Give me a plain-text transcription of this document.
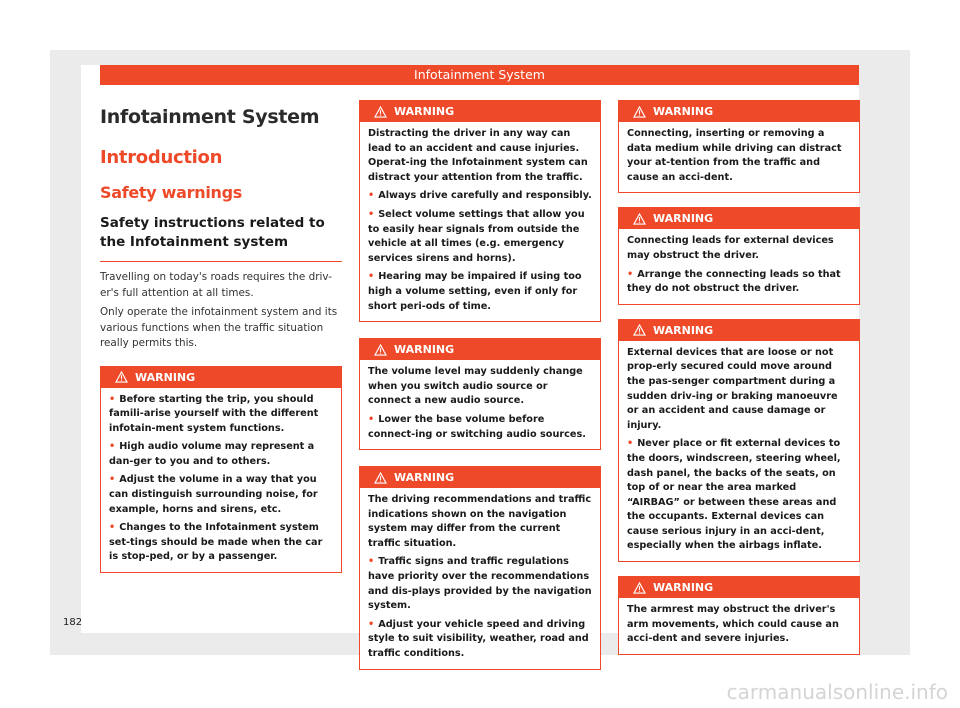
Infotainment System
Infotainment System
Introduction
Safety warnings
Safety instructions related to the Infotainment system

Travelling on today's roads requires the driv-er's full attention at all times.

Only operate the infotainment system and its various functions when the traffic situation really permits this.

WARNING
• Before starting the trip, you should famili-arise yourself with the different infotain-ment system functions.
• High audio volume may represent a dan-ger to you and to others.
• Adjust the volume in a way that you can distinguish surrounding noise, for example, horns and sirens, etc.
• Changes to the Infotainment system set-tings should be made when the car is stop-ped, or by a passenger.
WARNING
Distracting the driver in any way can lead to an accident and cause injuries. Operat-ing the Infotainment system can distract your attention from the traffic.
• Always drive carefully and responsibly.
• Select volume settings that allow you to easily hear signals from outside the vehicle at all times (e.g. emergency services sirens and horns).
• Hearing may be impaired if using too high a volume setting, even if only for short peri-ods of time.
WARNING
The volume level may suddenly change when you switch audio source or connect a new audio source.
• Lower the base volume before connect-ing or switching audio sources.
WARNING
The driving recommendations and traffic indications shown on the navigation system may differ from the current traffic situation.
• Traffic signs and traffic regulations have priority over the recommendations and dis-plays provided by the navigation system.
• Adjust your vehicle speed and driving style to suit visibility, weather, road and traffic conditions.
WARNING
Connecting, inserting or removing a data medium while driving can distract your at-tention from the traffic and cause an acci-dent.
WARNING
Connecting leads for external devices may obstruct the driver.
• Arrange the connecting leads so that they do not obstruct the driver.
WARNING
External devices that are loose or not prop-erly secured could move around the pas-senger compartment during a sudden driv-ing or braking manoeuvre or an accident and cause damage or injury.
• Never place or fit external devices to the doors, windscreen, steering wheel, dash panel, the backs of the seats, on top of or near the area marked “AIRBAG” or between these areas and the occupants. External devices can cause serious injury in an acci-dent, especially when the airbags inflate.
WARNING
The armrest may obstruct the driver's arm movements, which could cause an acci-dent and severe injuries.
182
carmanualsonline.info
